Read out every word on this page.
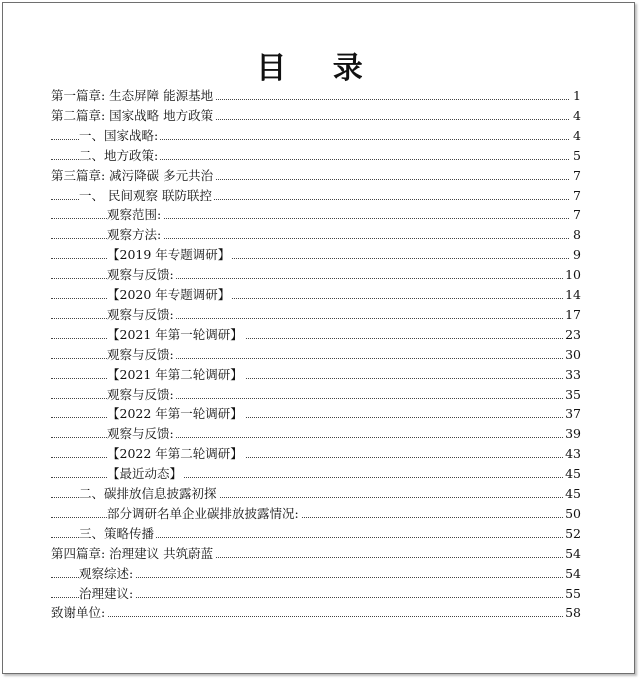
目 录
第一篇章: 生态屏障 能源基地	1
第二篇章: 国家战略 地方政策	4
一、国家战略:	4
二、地方政策:	5
第三篇章: 减污降碳 多元共治	7
一、 民间观察 联防联控	7
观察范围:	7
观察方法:	8
【2019 年专题调研】	9
观察与反馈:	10
【2020 年专题调研】	14
观察与反馈:	17
【2021 年第一轮调研】	23
观察与反馈:	30
【2021 年第二轮调研】	33
观察与反馈:	35
【2022 年第一轮调研】	37
观察与反馈:	39
【2022 年第二轮调研】	43
【最近动态】	45
二、碳排放信息披露初探	45
部分调研名单企业碳排放披露情况:	50
三、策略传播	52
第四篇章: 治理建议 共筑蔚蓝	54
观察综述:	54
治理建议:	55
致谢单位:	58
